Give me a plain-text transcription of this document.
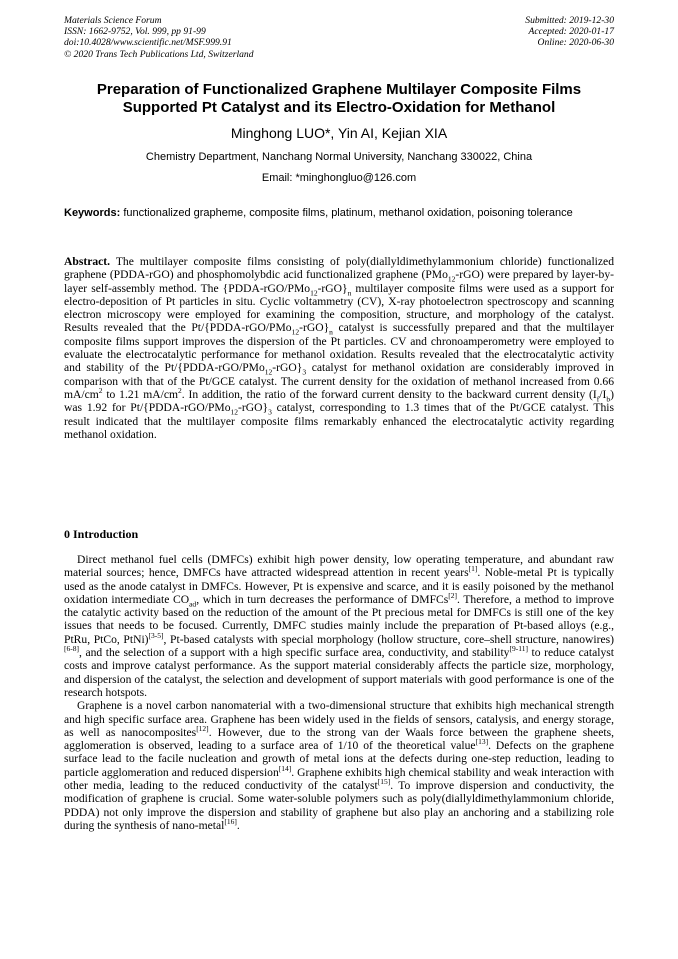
Materials Science Forum
ISSN: 1662-9752, Vol. 999, pp 91-99
doi:10.4028/www.scientific.net/MSF.999.91
© 2020 Trans Tech Publications Ltd, Switzerland
Submitted: 2019-12-30
Accepted: 2020-01-17
Online: 2020-06-30
Preparation of Functionalized Graphene Multilayer Composite Films
Supported Pt Catalyst and its Electro-Oxidation for Methanol
Minghong LUO*, Yin AI, Kejian XIA
Chemistry Department, Nanchang Normal University, Nanchang 330022, China
Email: *minghongluo@126.com
Keywords: functionalized grapheme, composite films, platinum, methanol oxidation, poisoning tolerance
Abstract. The multilayer composite films consisting of poly(diallyldimethylammonium chloride) functionalized graphene (PDDA-rGO) and phosphomolybdic acid functionalized graphene (PMo$_{12}$-rGO) were prepared by layer-by-layer self-assembly method. The $\{PDDA-rGO/PMo_{12}-rGO\}_n$ multilayer composite films were used as a support for electro-deposition of Pt particles in situ. Cyclic voltammetry (CV), X-ray photoelectron spectroscopy and scanning electron microscopy were employed for examining the composition, structure, and morphology of the catalyst. Results revealed that the $Pt/\{PDDA-rGO/PMo_{12}-rGO\}_n$ catalyst is successfully prepared and that the multilayer composite films support improves the dispersion of the Pt particles. CV and chronoamperometry were employed to evaluate the electrocatalytic performance for methanol oxidation. Results revealed that the electrocatalytic activity and stability of the $Pt/\{PDDA-rGO/PMo_{12}-rGO\}_3$ catalyst for methanol oxidation are considerably improved in comparison with that of the Pt/GCE catalyst. The current density for the oxidation of methanol increased from 0.66 $mA/cm^2$ to 1.21 $mA/cm^2$. In addition, the ratio of the forward current density to the backward current density $(I_f/I_b)$ was 1.92 for $Pt/\{PDDA-rGO/PMo_{12}-rGO\}_3$ catalyst, corresponding to 1.3 times that of the Pt/GCE catalyst. This result indicated that the multilayer composite films remarkably enhanced the electrocatalytic activity regarding methanol oxidation.
0 Introduction

Direct methanol fuel cells (DMFCs) exhibit high power density, low operating temperature, and abundant raw material sources; hence, DMFCs have attracted widespread attention in recent years[1]. Noble-metal Pt is typically used as the anode catalyst in DMFCs. However, Pt is expensive and scarce, and it is easily poisoned by the methanol oxidation intermediate $CO_{ad}$, which in turn decreases the performance of DMFCs[2]. Therefore, a method to improve the catalytic activity based on the reduction of the amount of the Pt precious metal for DMFCs is still one of the key issues that needs to be focused. Currently, DMFC studies mainly include the preparation of Pt-based alloys (e.g., PtRu, PtCo, PtNi)[3-5], Pt-based catalysts with special morphology (hollow structure, core–shell structure, nanowires)[6-8], and the selection of a support with a high specific surface area, conductivity, and stability[9-11] to reduce catalyst costs and improve catalyst performance. As the support material considerably affects the particle size, morphology, and dispersion of the catalyst, the selection and development of support materials with good performance is one of the research hotspots.

Graphene is a novel carbon nanomaterial with a two-dimensional structure that exhibits high mechanical strength and high specific surface area. Graphene has been widely used in the fields of sensors, catalysis, and energy storage, as well as nanocomposites[12]. However, due to the strong van der Waals force between the graphene sheets, agglomeration is observed, leading to a surface area of 1/10 of the theoretical value[13]. Defects on the graphene surface lead to the facile nucleation and growth of metal ions at the defects during one-step reduction, leading to particle agglomeration and reduced dispersion[14]. Graphene exhibits high chemical stability and weak interaction with other media, leading to the reduced conductivity of the catalyst[15]. To improve dispersion and conductivity, the modification of graphene is crucial. Some water-soluble polymers such as poly(diallyldimethylammonium chloride, PDDA) not only improve the dispersion and stability of graphene but also play an anchoring and a stabilizing role during the synthesis of nano-metal[16].
